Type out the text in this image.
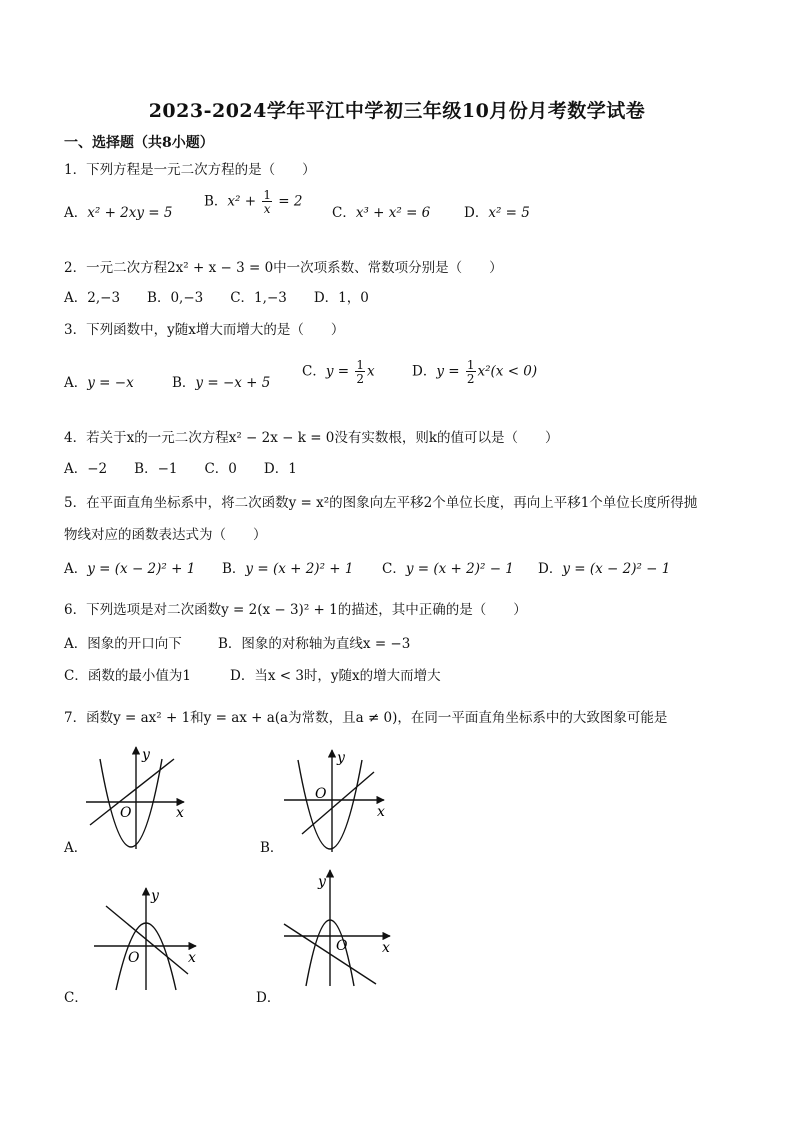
2023-2024学年平江中学初三年级10月份月考数学试卷
一、选择题（共8小题）
1．下列方程是一元二次方程的是（　　）
A．x² + 2xy = 5
B．$x^2 + \frac{1}{x} = 2$
C．x³ + x² = 6 D．x² = 5
2．一元二次方程2x² + x − 3 = 0中一次项系数、常数项分别是（　　）
A．2,−3　　B．0,−3　　C．1,−3　　D．1，0
3．下列函数中，y随x增大而增大的是（　　）
A．y = −x	B．y = −x + 5
C．$y = \frac{1}{2}$ x	D．$y = \frac{1}{2} x^2(x < 0)$
4．若关于x的一元二次方程x² − 2x − k = 0没有实数根，则k的值可以是（　　）
A．−2　　B．−1　　C．0　　D．1
5．在平面直角坐标系中，将二次函数y = x²的图象向左平移2个单位长度，再向上平移1个单位长度所得抛
物线对应的函数表达式为（　　）
A．y = (x − 2)² + 1 B．y = (x + 2)² + 1 C．y = (x + 2)² − 1 D．y = (x − 2)² − 1
6．下列选项是对二次函数y = 2(x − 3)² + 1的描述，其中正确的是（　　）
A．图象的开口向下	B．图象的对称轴为直线x = −3
C．函数的最小值为1	D．当x < 3时，y随x的增大而增大
7．函数y = ax² + 1和y = ax + a(a为常数，且a ≠ 0)，在同一平面直角坐标系中的大致图象可能是
y
x
O
A．
y
x
O
B．
y
x
O
C．
y
x
O
D．
